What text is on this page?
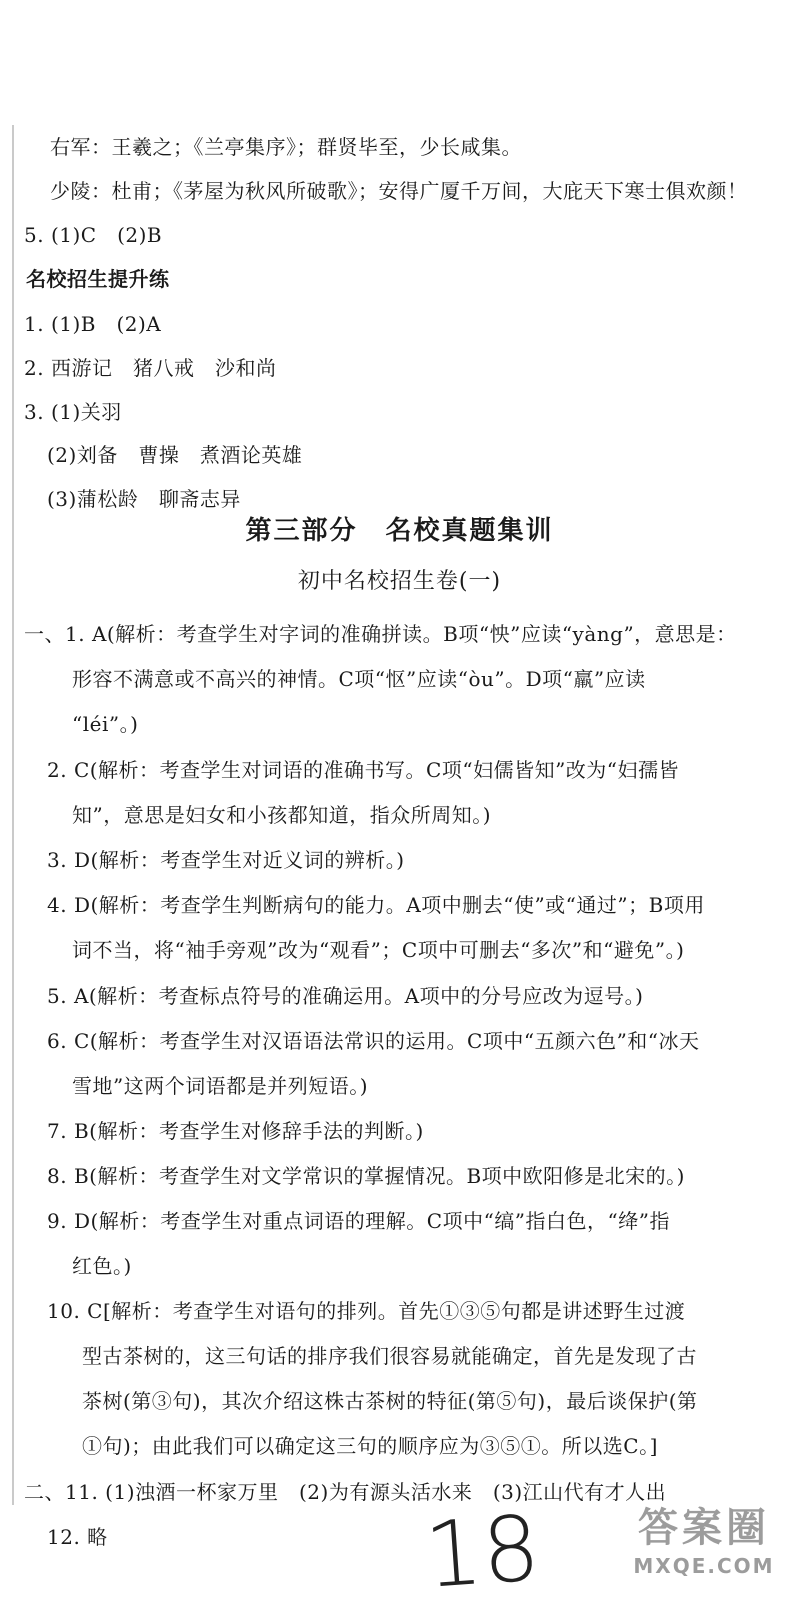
右军：王羲之；《兰亭集序》；群贤毕至，少长咸集。
少陵：杜甫；《茅屋为秋风所破歌》；安得广厦千万间，大庇天下寒士俱欢颜！
5. (1)C　(2)B
名校招生提升练
1. (1)B　(2)A
2. 西游记　猪八戒　沙和尚
3. (1)关羽
(2)刘备　曹操　煮酒论英雄
(3)蒲松龄　聊斋志异
第三部分　名校真题集训
初中名校招生卷(一)
一、1. A(解析：考查学生对字词的准确拼读。B项“怏”应读“yàng”，意思是：
形容不满意或不高兴的神情。C项“怄”应读“òu”。D项“羸”应读
“léi”。)
2. C(解析：考查学生对词语的准确书写。C项“妇儒皆知”改为“妇孺皆
知”，意思是妇女和小孩都知道，指众所周知。)
3. D(解析：考查学生对近义词的辨析。)
4. D(解析：考查学生判断病句的能力。A项中删去“使”或“通过”；B项用
词不当，将“袖手旁观”改为“观看”；C项中可删去“多次”和“避免”。)
5. A(解析：考查标点符号的准确运用。A项中的分号应改为逗号。)
6. C(解析：考查学生对汉语语法常识的运用。C项中“五颜六色”和“冰天
雪地”这两个词语都是并列短语。)
7. B(解析：考查学生对修辞手法的判断。)
8. B(解析：考查学生对文学常识的掌握情况。B项中欧阳修是北宋的。)
9. D(解析：考查学生对重点词语的理解。C项中“缟”指白色，“绛”指
红色。)
10. C[解析：考查学生对语句的排列。首先①③⑤句都是讲述野生过渡
型古茶树的，这三句话的排序我们很容易就能确定，首先是发现了古
茶树(第③句)，其次介绍这株古茶树的特征(第⑤句)，最后谈保护(第
①句)；由此我们可以确定这三句的顺序应为③⑤①。所以选C。]
二、11. (1)浊酒一杯家万里　(2)为有源头活水来　(3)江山代有才人出
12. 略	18	答案圈
MXQE.COM
